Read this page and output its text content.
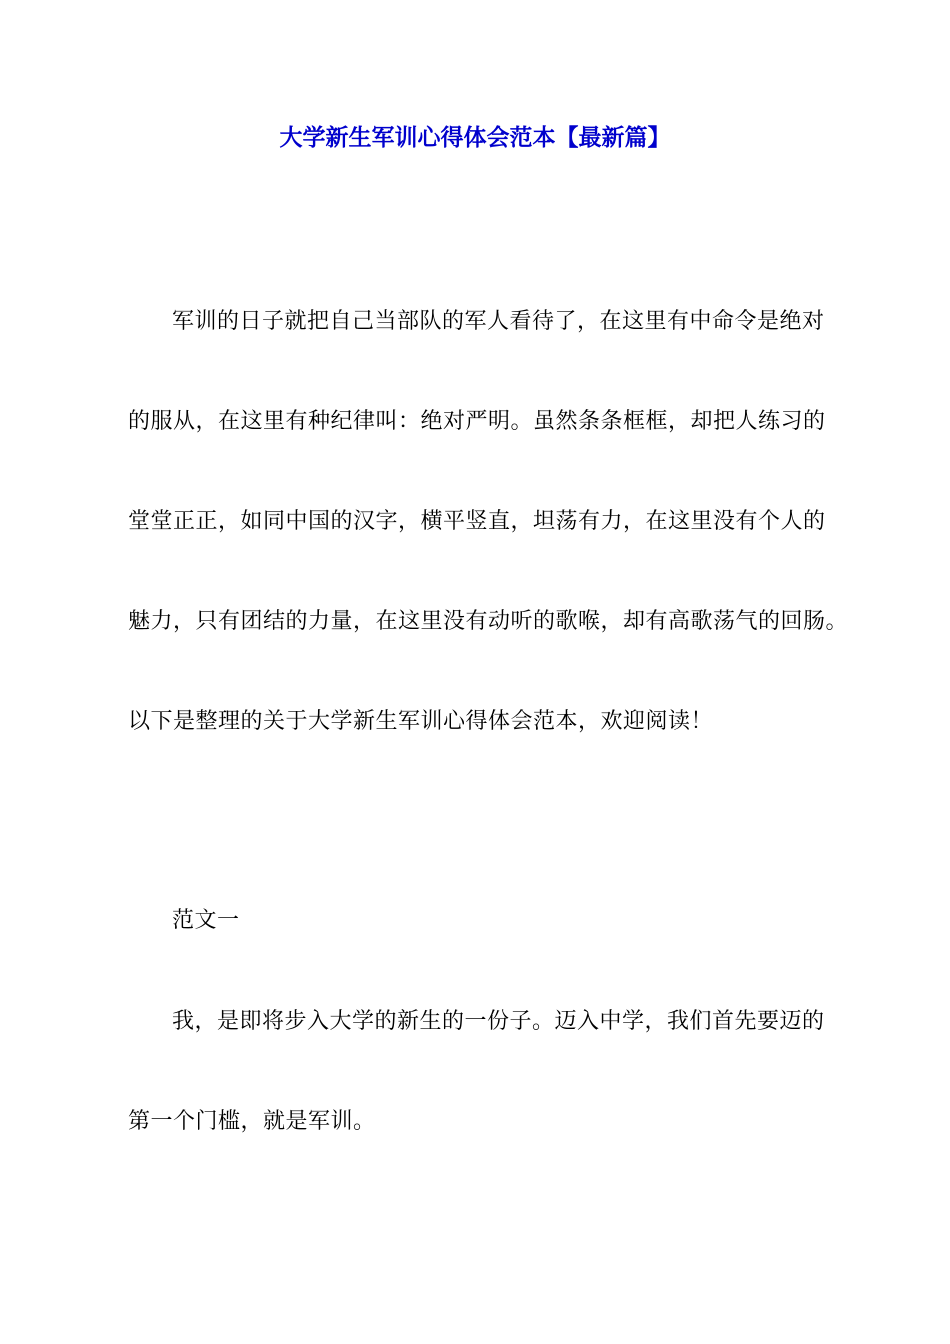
大学新生军训心得体会范本【最新篇】
军训的日子就把自己当部队的军人看待了，在这里有中命令是绝对
的服从，在这里有种纪律叫：绝对严明。虽然条条框框，却把人练习的
堂堂正正，如同中国的汉字，横平竖直，坦荡有力，在这里没有个人的
魅力，只有团结的力量，在这里没有动听的歌喉，却有高歌荡气的回肠。
以下是整理的关于大学新生军训心得体会范本，欢迎阅读！
范文一
我，是即将步入大学的新生的一份子。迈入中学，我们首先要迈的
第一个门槛，就是军训。
